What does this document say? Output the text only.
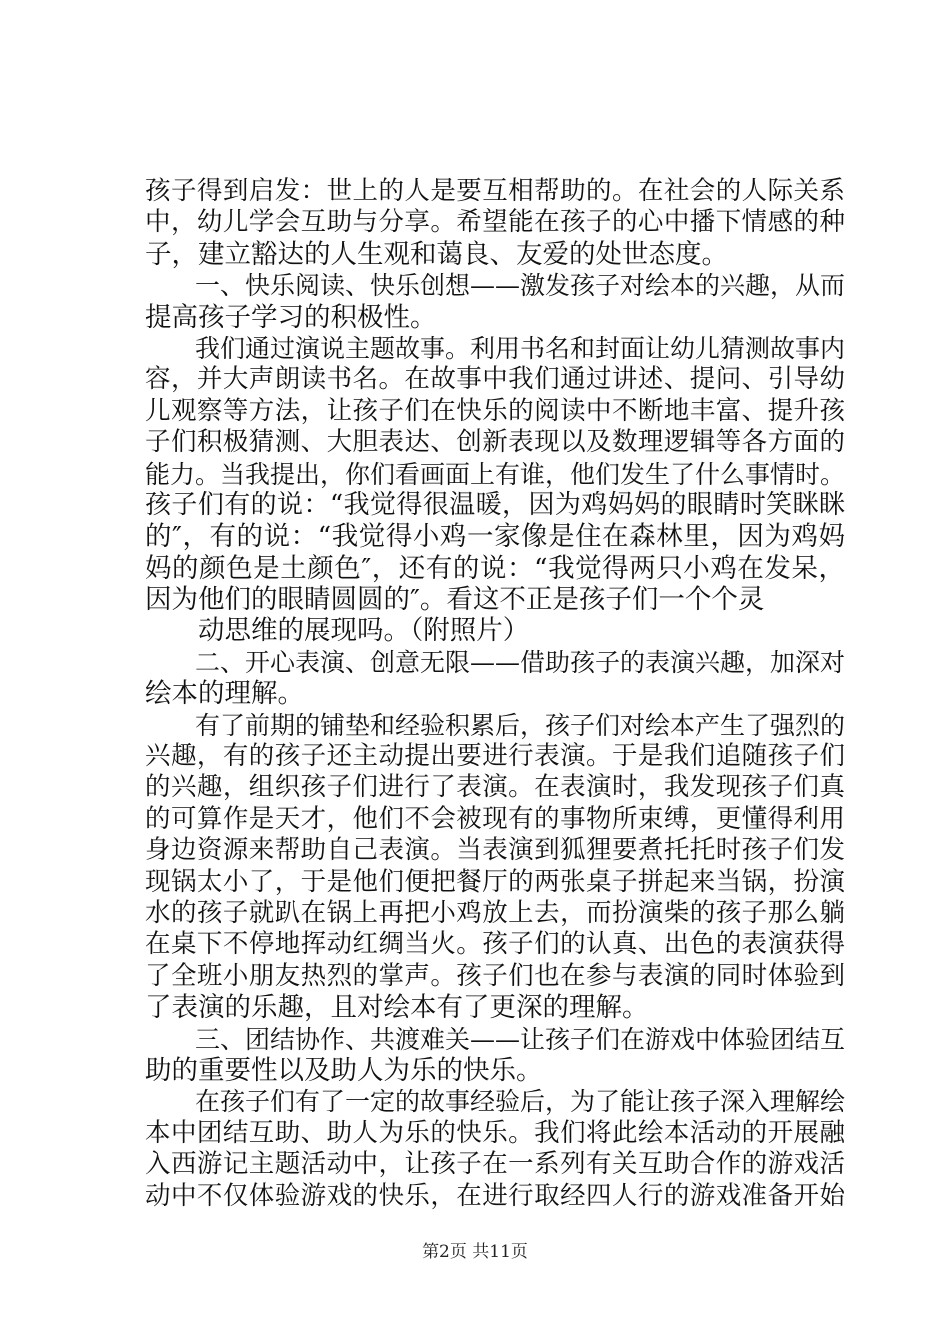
孩子得到启发：世上的人是要互相帮助的。在社会的人际关系
中，幼儿学会互助与分享。希望能在孩子的心中播下情感的种
子，建立豁达的人生观和蔼良、友爱的处世态度。
　　一、快乐阅读、快乐创想——激发孩子对绘本的兴趣，从而
提高孩子学习的积极性。
　　我们通过演说主题故事。利用书名和封面让幼儿猜测故事内
容，并大声朗读书名。在故事中我们通过讲述、提问、引导幼
儿观察等方法，让孩子们在快乐的阅读中不断地丰富、提升孩
子们积极猜测、大胆表达、创新表现以及数理逻辑等各方面的
能力。当我提出，你们看画面上有谁，他们发生了什么事情时。
孩子们有的说：“我觉得很温暖，因为鸡妈妈的眼睛时笑眯眯
的″，有的说：“我觉得小鸡一家像是住在森林里，因为鸡妈
妈的颜色是土颜色″，还有的说：“我觉得两只小鸡在发呆，
因为他们的眼睛圆圆的″。看这不正是孩子们一个个灵
　　动思维的展现吗。（附照片）
　　二、开心表演、创意无限——借助孩子的表演兴趣，加深对
绘本的理解。
　　有了前期的铺垫和经验积累后，孩子们对绘本产生了强烈的
兴趣，有的孩子还主动提出要进行表演。于是我们追随孩子们
的兴趣，组织孩子们进行了表演。在表演时，我发现孩子们真
的可算作是天才，他们不会被现有的事物所束缚，更懂得利用
身边资源来帮助自己表演。当表演到狐狸要煮托托时孩子们发
现锅太小了，于是他们便把餐厅的两张桌子拼起来当锅，扮演
水的孩子就趴在锅上再把小鸡放上去，而扮演柴的孩子那么躺
在桌下不停地挥动红绸当火。孩子们的认真、出色的表演获得
了全班小朋友热烈的掌声。孩子们也在参与表演的同时体验到
了表演的乐趣，且对绘本有了更深的理解。
　　三、团结协作、共渡难关——让孩子们在游戏中体验团结互
助的重要性以及助人为乐的快乐。
　　在孩子们有了一定的故事经验后，为了能让孩子深入理解绘
本中团结互助、助人为乐的快乐。我们将此绘本活动的开展融
入西游记主题活动中，让孩子在一系列有关互助合作的游戏活
动中不仅体验游戏的快乐，在进行取经四人行的游戏准备开始
第2页 共11页
